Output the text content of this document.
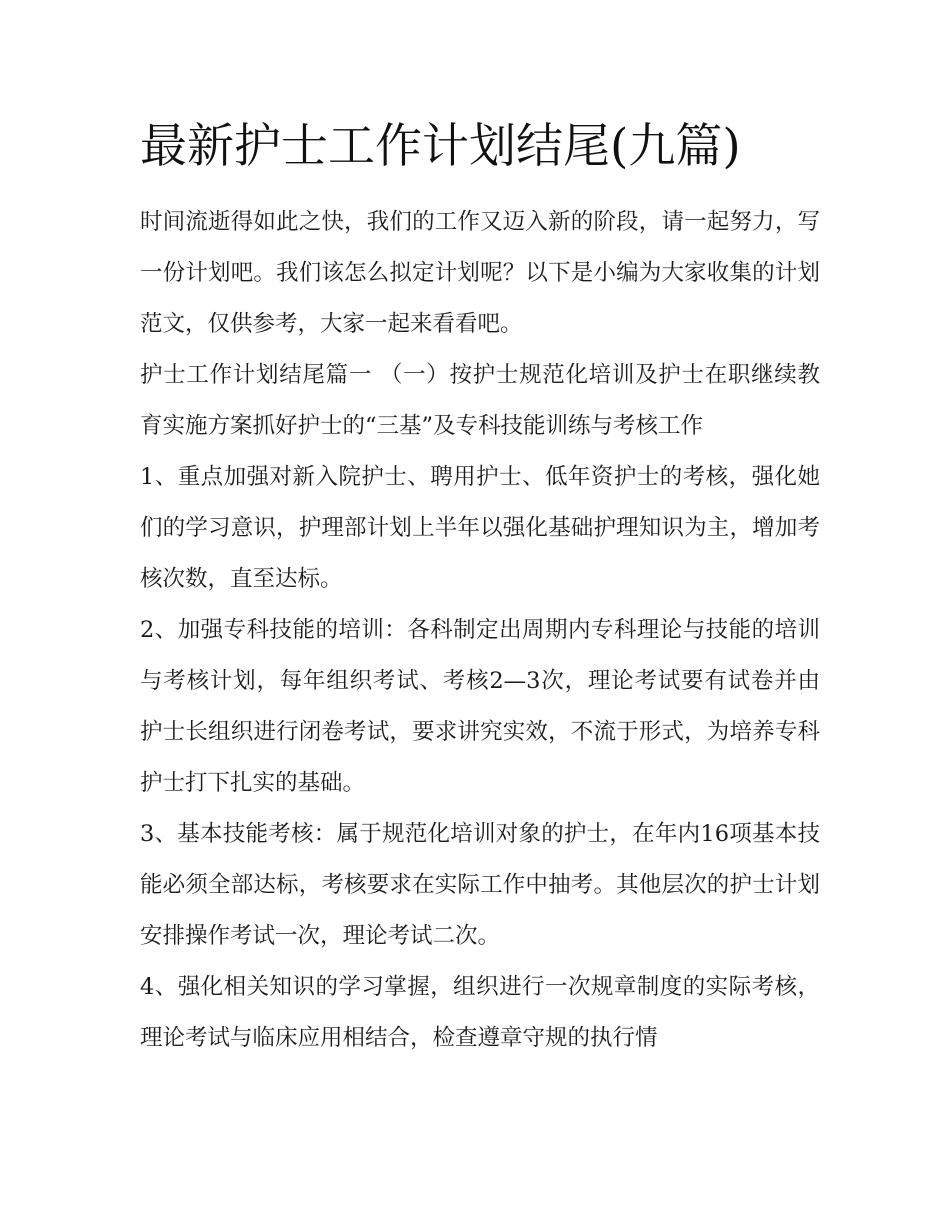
最新护士工作计划结尾(九篇)

时间流逝得如此之快，我们的工作又迈入新的阶段，请一起努力，写一份计划吧。我们该怎么拟定计划呢？以下是小编为大家收集的计划范文，仅供参考，大家一起来看看吧。

护士工作计划结尾篇一 （一）按护士规范化培训及护士在职继续教育实施方案抓好护士的“三基”及专科技能训练与考核工作

1、重点加强对新入院护士、聘用护士、低年资护士的考核，强化她们的学习意识，护理部计划上半年以强化基础护理知识为主，增加考核次数，直至达标。

2、加强专科技能的培训：各科制定出周期内专科理论与技能的培训与考核计划，每年组织考试、考核2—3次，理论考试要有试卷并由护士长组织进行闭卷考试，要求讲究实效，不流于形式，为培养专科护士打下扎实的基础。

3、基本技能考核：属于规范化培训对象的护士，在年内16项基本技能必须全部达标，考核要求在实际工作中抽考。其他层次的护士计划安排操作考试一次，理论考试二次。

4、强化相关知识的学习掌握，组织进行一次规章制度的实际考核，理论考试与临床应用相结合，检查遵章守规的执行情
